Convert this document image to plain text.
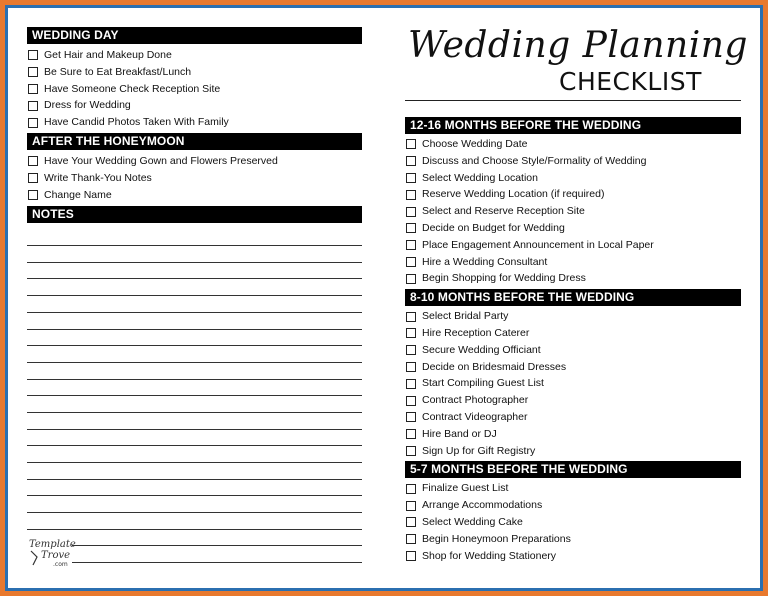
WEDDING DAY
Get Hair and Makeup Done
Be Sure to Eat Breakfast/Lunch
Have Someone Check Reception Site
Dress for Wedding
Have Candid Photos Taken With Family
AFTER THE HONEYMOON
Have Your Wedding Gown and Flowers Preserved
Write Thank-You Notes
Change Name
NOTES
Template
Trove
.com
Wedding Planning
CHECKLIST
12-16 MONTHS BEFORE THE WEDDING
Choose Wedding Date
Discuss and Choose Style/Formality of Wedding
Select Wedding Location
Reserve Wedding Location (if required)
Select and Reserve Reception Site
Decide on Budget for Wedding
Place Engagement Announcement in Local Paper
Hire a Wedding Consultant
Begin Shopping for Wedding Dress
8-10 MONTHS BEFORE THE WEDDING
Select Bridal Party
Hire Reception Caterer
Secure Wedding Officiant
Decide on Bridesmaid Dresses
Start Compiling Guest List
Contract Photographer
Contract Videographer
Hire Band or DJ
Sign Up for Gift Registry
5-7 MONTHS BEFORE THE WEDDING
Finalize Guest List
Arrange Accommodations
Select Wedding Cake
Begin Honeymoon Preparations
Shop for Wedding Stationery
